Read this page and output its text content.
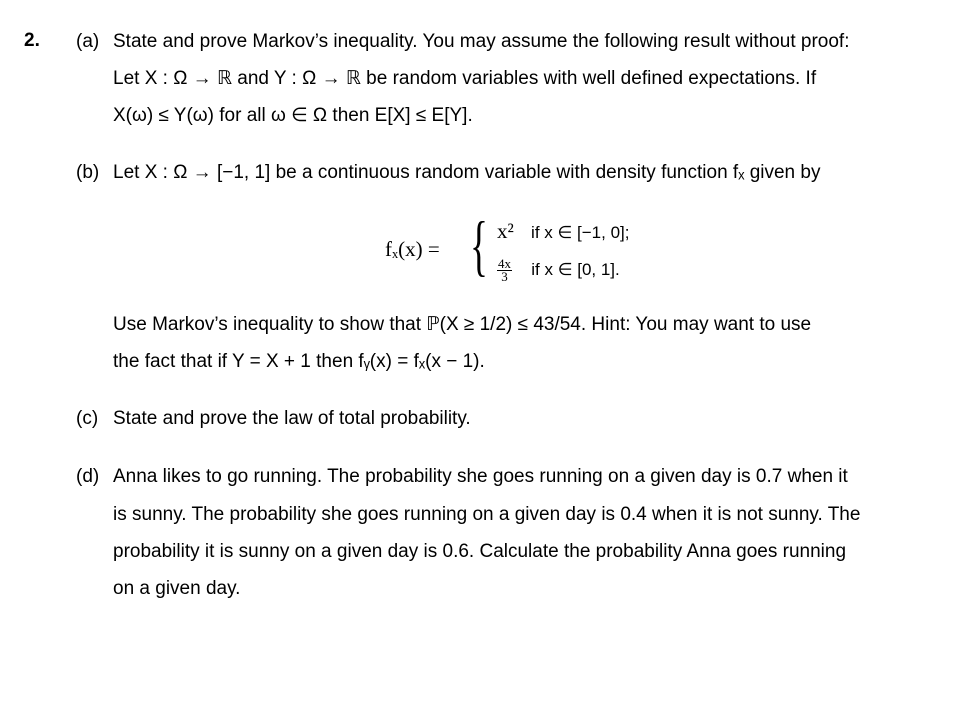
2. (a) State and prove Markov’s inequality. You may assume the following result without proof:
Let X : Ω → ℝ and Y : Ω → ℝ be random variables with well defined expectations. If
X(ω) ≤ Y(ω) for all ω ∈ Ω then E[X] ≤ E[Y].
(b) Let X : Ω → [−1, 1] be a continuous random variable with density function fₓ given by
fₓ(x) = { x² if x ∈ [−1, 0];
$\frac{4x}{3}$ if x ∈ [0, 1].
Use Markov’s inequality to show that ℙ(X ≥ 1/2) ≤ 43/54. Hint: You may want to use
the fact that if Y = X + 1 then fᵧ(x) = fₓ(x − 1).
(c) State and prove the law of total probability.
(d) Anna likes to go running. The probability she goes running on a given day is 0.7 when it
is sunny. The probability she goes running on a given day is 0.4 when it is not sunny. The
probability it is sunny on a given day is 0.6. Calculate the probability Anna goes running
on a given day.
